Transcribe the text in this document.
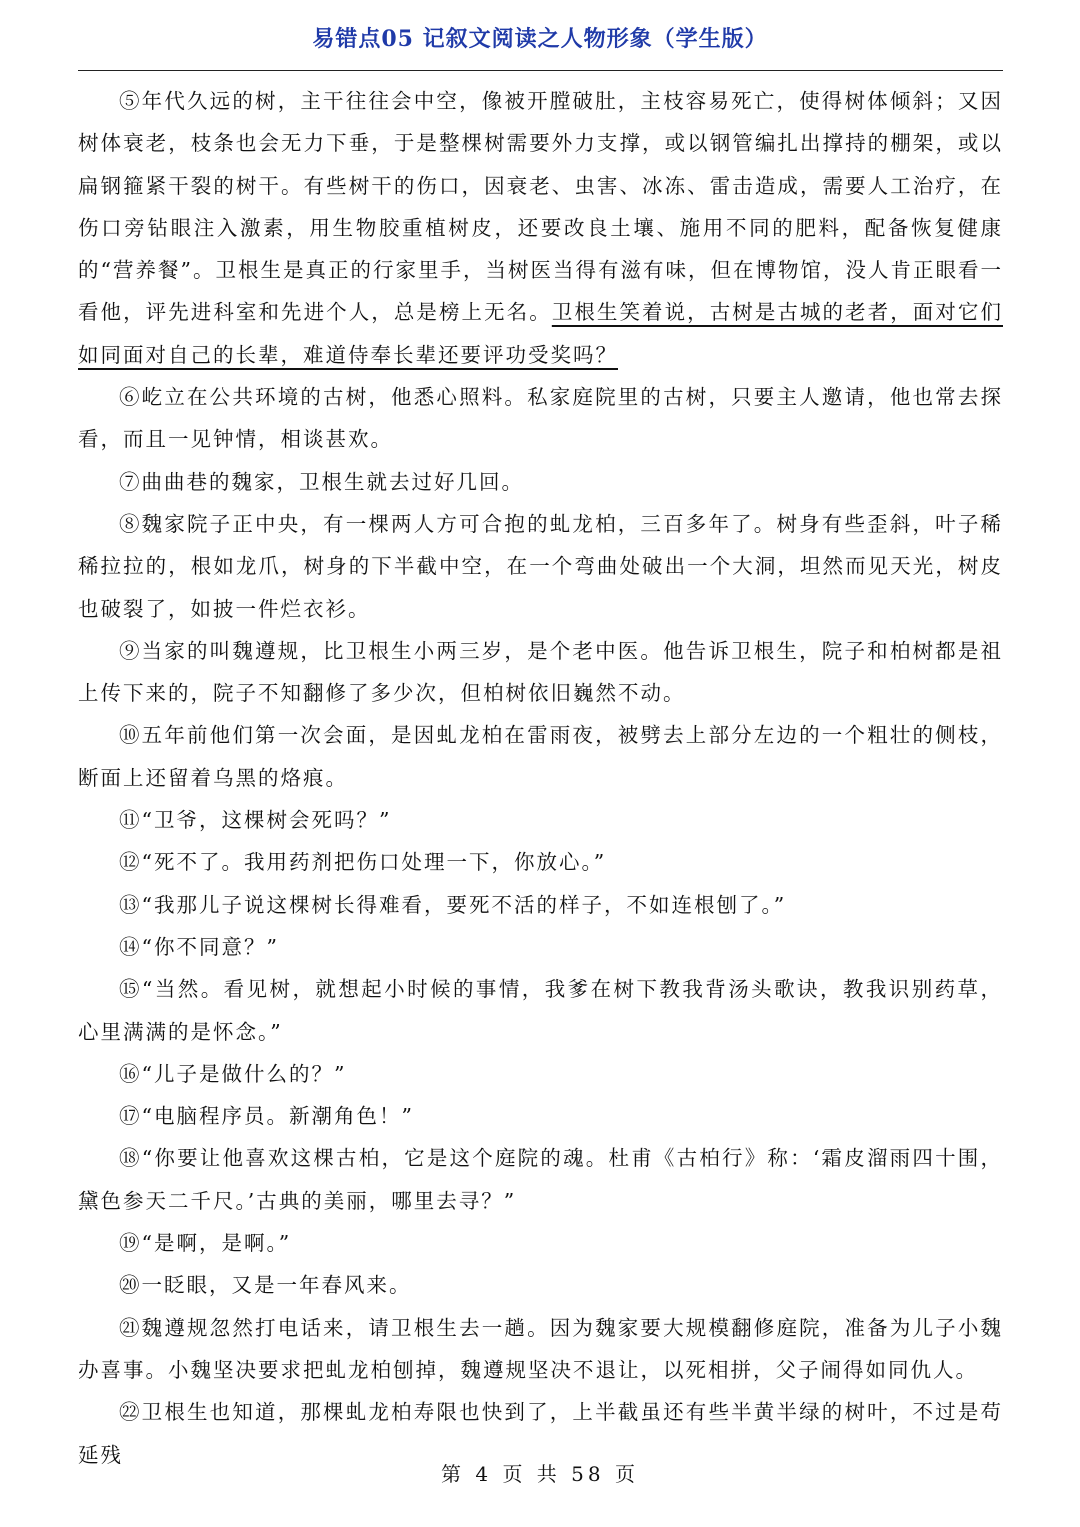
易错点05 记叙文阅读之人物形象（学生版）

⑤年代久远的树，主干往往会中空，像被开膛破肚，主枝容易死亡，使得树体倾斜；又因树体衰老，枝条也会无力下垂，于是整棵树需要外力支撑，或以钢管编扎出撑持的棚架，或以扁钢箍紧干裂的树干。有些树干的伤口，因衰老、虫害、冰冻、雷击造成，需要人工治疗，在伤口旁钻眼注入激素，用生物胶重植树皮，还要改良土壤、施用不同的肥料，配备恢复健康的“营养餐”。卫根生是真正的行家里手，当树医当得有滋有味，但在博物馆，没人肯正眼看一看他，评先进科室和先进个人，总是榜上无名。卫根生笑着说，古树是古城的老者，面对它们如同面对自己的长辈，难道侍奉长辈还要评功受奖吗？

⑥屹立在公共环境的古树，他悉心照料。私家庭院里的古树，只要主人邀请，他也常去探看，而且一见钟情，相谈甚欢。

⑦曲曲巷的魏家，卫根生就去过好几回。

⑧魏家院子正中央，有一棵两人方可合抱的虬龙柏，三百多年了。树身有些歪斜，叶子稀稀拉拉的，根如龙爪，树身的下半截中空，在一个弯曲处破出一个大洞，坦然而见天光，树皮也破裂了，如披一件烂衣衫。

⑨当家的叫魏遵规，比卫根生小两三岁，是个老中医。他告诉卫根生，院子和柏树都是祖上传下来的，院子不知翻修了多少次，但柏树依旧巍然不动。

⑩五年前他们第一次会面，是因虬龙柏在雷雨夜，被劈去上部分左边的一个粗壮的侧枝，断面上还留着乌黑的烙痕。

⑪“卫爷，这棵树会死吗？”

⑫“死不了。我用药剂把伤口处理一下，你放心。”

⑬“我那儿子说这棵树长得难看，要死不活的样子，不如连根刨了。”

⑭“你不同意？”

⑮“当然。看见树，就想起小时候的事情，我爹在树下教我背汤头歌诀，教我识别药草，心里满满的是怀念。”

⑯“儿子是做什么的？”

⑰“电脑程序员。新潮角色！”

⑱“你要让他喜欢这棵古柏，它是这个庭院的魂。杜甫《古柏行》称：‘霜皮溜雨四十围，黛色参天二千尺。’古典的美丽，哪里去寻？”

⑲“是啊，是啊。”

⑳一眨眼，又是一年春风来。

㉑魏遵规忽然打电话来，请卫根生去一趟。因为魏家要大规模翻修庭院，准备为儿子小魏办喜事。小魏坚决要求把虬龙柏刨掉，魏遵规坚决不退让，以死相拼，父子闹得如同仇人。

㉒卫根生也知道，那棵虬龙柏寿限也快到了，上半截虽还有些半黄半绿的树叶，不过是苟延残

第 4 页 共 58 页
